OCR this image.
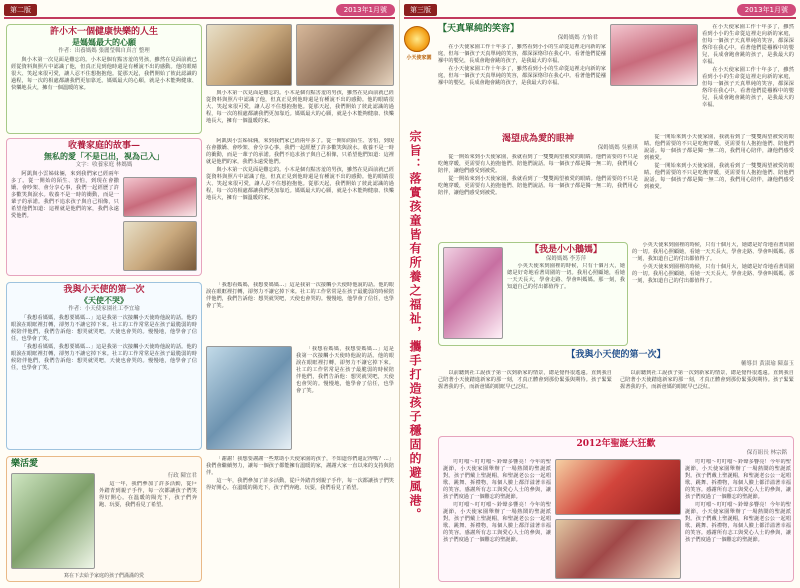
第二版	2013年1月號
許小木一個健康快樂的人生
是媽媽最大的心願
作者：出養媽媽 張麗瑩輯自真言 整理

與小木第一次見面是難忘的。小木是個有點害羞的男孩，雖然在見面前就已經從資料與照片中認識了他，但真正見到他時還是有種說不出的感動。他的眼睛很大、笑起來很可愛，讓人忍不住想抱抱他。從那天起，我們開始了彼此認識的過程，每一次的相處都讓我們更加靠近。媽媽最大的心願，就是小木能夠健康、快樂地長大，擁有一個溫暖的家。

與小木第一次見面是難忘的。小木是個有點害羞的男孩，雖然在見面前就已經從資料與照片中認識了他，但真正見到他時還是有種說不出的感動。他的眼睛很大、笑起來很可愛，讓人忍不住想抱抱他。從那天起，我們開始了彼此認識的過程，每一次的相處都讓我們更加靠近。媽媽最大的心願，就是小木能夠健康、快樂地長大，擁有一個溫暖的家。

收養家庭的故事—
無私的愛「不是已出，視為己入」
文字：收養家庭 林媽媽

阿凱與小雲姊妹倆，來到我們家已經兩年多了。從一開始的陌生、害怕，到現在會撒嬌、會吵架、會分享心事，我們一起經歷了許多歡笑與淚水。收養不是一時的衝動，而是一輩子的承諾。我們不追求孩子與自己相像，只希望他們知道：這裡就是他們的家，我們永遠愛他們。

阿凱與小雲姊妹倆，來到我們家已經兩年多了。從一開始的陌生、害怕，到現在會撒嬌、會吵架、會分享心事，我們一起經歷了許多歡笑與淚水。收養不是一時的衝動，而是一輩子的承諾。我們不追求孩子與自己相像，只希望他們知道：這裡就是他們的家，我們永遠愛他們。

與小木第一次見面是難忘的。小木是個有點害羞的男孩，雖然在見面前就已經從資料與照片中認識了他，但真正見到他時還是有種說不出的感動。他的眼睛很大、笑起來很可愛，讓人忍不住想抱抱他。從那天起，我們開始了彼此認識的過程，每一次的相處都讓我們更加靠近。媽媽最大的心願，就是小木能夠健康、快樂地長大，擁有一個溫暖的家。

我與小天使的第一次
《天使不哭》
作者：小天使家園社工李宜瑜

「我想看媽媽，我想要媽媽…」這是我第一次接觸小天使時他說的話。他的眼淚在眼眶裡打轉，卻努力不讓它掉下來。社工的工作常常是在孩子最脆弱的時候陪伴他們，我們告訴他：想哭就哭吧，天使也會哭的。慢慢地，他學會了信任，也學會了笑。

「我想看媽媽，我想要媽媽…」這是我第一次接觸小天使時他說的話。他的眼淚在眼眶裡打轉，卻努力不讓它掉下來。社工的工作常常是在孩子最脆弱的時候陪伴他們，我們告訴他：想哭就哭吧，天使也會哭的。慢慢地，他學會了信任，也學會了笑。

「我想看媽媽，我想要媽媽…」這是我第一次接觸小天使時他說的話。他的眼淚在眼眶裡打轉，卻努力不讓它掉下來。社工的工作常常是在孩子最脆弱的時候陪伴他們，我們告訴他：想哭就哭吧，天使也會哭的。慢慢地，他學會了信任，也學會了笑。

「我想看媽媽，我想要媽媽…」這是我第一次接觸小天使時他說的話。他的眼淚在眼眶裡打轉，卻努力不讓它掉下來。社工的工作常常是在孩子最脆弱的時候陪伴他們，我們告訴他：想哭就哭吧，天使也會哭的。慢慢地，他學會了信任，也學會了笑。

樂活愛
行政 陳宜君

這一年，我們參加了許多活動，從戶外踏青到親子手作，每一次都讓孩子們笑得好開心。在溫暖的陽光下，孩子們奔跑、玩耍，我們看見了希望。

寫在下去給予家庭的孩子們滿滿的愛

「謝謝！我想要謝謝一些幫助小天使家園的孩子，不知道你們還記得嗎？…」我們會繼續努力，讓每一個孩子都能擁有溫暖的家，謝謝大家一直以來的支持與陪伴。

這一年，我們參加了許多活動，從戶外踏青到親子手作，每一次都讓孩子們笑得好開心。在溫暖的陽光下，孩子們奔跑、玩耍，我們看見了希望。

第三版	2013年1月號
小天使家園
宗旨：落實孩童皆有所養之福祉，攜手打造孩子穩固的避風港。
【天真單純的笑容】
保姆媽媽 方怡君

在小天使家園工作十年多了，雖然看到小小的生命從這裡走向新的家庭，但每一個孩子天真單純的笑容，都深深烙印在我心中。看著他們從襁褓中的嬰兒，長成會跑會跳的孩子，是我最大的幸福。

在小天使家園工作十年多了，雖然看到小小的生命從這裡走向新的家庭，但每一個孩子天真單純的笑容，都深深烙印在我心中。看著他們從襁褓中的嬰兒，長成會跑會跳的孩子，是我最大的幸福。

在小天使家園工作十年多了，雖然看到小小的生命從這裡走向新的家庭，但每一個孩子天真單純的笑容，都深深烙印在我心中。看著他們從襁褓中的嬰兒，長成會跑會跳的孩子，是我最大的幸福。

在小天使家園工作十年多了，雖然看到小小的生命從這裡走向新的家庭，但每一個孩子天真單純的笑容，都深深烙印在我心中。看著他們從襁褓中的嬰兒，長成會跑會跳的孩子，是我最大的幸福。

渴望成為愛的眼神
保姆媽媽 吳雅琪

從一開始來到小天使家園，我就看到了一雙雙渴望被愛的眼睛。他們需要的不只是吃飽穿暖，更需要有人抱抱他們、陪他們說話。每一個孩子都是獨一無二的，我們用心陪伴，讓他們感受到被愛。

從一開始來到小天使家園，我就看到了一雙雙渴望被愛的眼睛。他們需要的不只是吃飽穿暖，更需要有人抱抱他們、陪他們說話。每一個孩子都是獨一無二的，我們用心陪伴，讓他們感受到被愛。

從一開始來到小天使家園，我就看到了一雙雙渴望被愛的眼睛。他們需要的不只是吃飽穿暖，更需要有人抱抱他們、陪他們說話。每一個孩子都是獨一無二的，我們用心陪伴，讓他們感受到被愛。

從一開始來到小天使家園，我就看到了一雙雙渴望被愛的眼睛。他們需要的不只是吃飽穿暖，更需要有人抱抱他們、陪他們說話。每一個孩子都是獨一無二的，我們用心陪伴，讓他們感受到被愛。

【我是小小鵝媽】
保姆媽媽 李芳萍

小英天使來到園裡的時候，只有十個月大，她總是好奇地看著周圍的一切。我用心照顧她，看她一天天長大，學會走路、學會叫媽媽。那一刻，我知道自己的付出都值得了。

小英天使來到園裡的時候，只有十個月大，她總是好奇地看著周圍的一切。我用心照顧她，看她一天天長大，學會走路、學會叫媽媽。那一刻，我知道自己的付出都值得了。

小英天使來到園裡的時候，只有十個月大，她總是好奇地看著周圍的一切。我用心照顧她，看她一天天長大，學會走路、學會叫媽媽。那一刻，我知道自己的付出都值得了。

【我與小天使的第一次】
輔導員 黃淑瑜 陳嘉玉

以前聽到社工說孩子第一次到新家的情景，總是覺得很遙遠。直到我自己陪著小天使踏進新家的那一刻，才真正體會到那份緊張與期待。孩子緊緊握著我的手，而新爸媽的眼眶早已泛紅。

以前聽到社工說孩子第一次到新家的情景，總是覺得很遙遠。直到我自己陪著小天使踏進新家的那一刻，才真正體會到那份緊張與期待。孩子緊緊握著我的手，而新爸媽的眼眶早已泛紅。

2012年聖誕大狂歡
保育組長 林宗銘

叮叮噹～叮叮噹～鈴聲多響亮！今年的聖誕節，小天使家園舉辦了一場熱鬧的聖誕派對。孩子們戴上聖誕帽，和聖誕老公公一起唱歌、跳舞、拆禮物，每個人臉上都洋溢著幸福的笑容。感謝所有志工與愛心人士的參與，讓孩子們度過了一個難忘的聖誕節。

叮叮噹～叮叮噹～鈴聲多響亮！今年的聖誕節，小天使家園舉辦了一場熱鬧的聖誕派對。孩子們戴上聖誕帽，和聖誕老公公一起唱歌、跳舞、拆禮物，每個人臉上都洋溢著幸福的笑容。感謝所有志工與愛心人士的參與，讓孩子們度過了一個難忘的聖誕節。

叮叮噹～叮叮噹～鈴聲多響亮！今年的聖誕節，小天使家園舉辦了一場熱鬧的聖誕派對。孩子們戴上聖誕帽，和聖誕老公公一起唱歌、跳舞、拆禮物，每個人臉上都洋溢著幸福的笑容。感謝所有志工與愛心人士的參與，讓孩子們度過了一個難忘的聖誕節。

叮叮噹～叮叮噹～鈴聲多響亮！今年的聖誕節，小天使家園舉辦了一場熱鬧的聖誕派對。孩子們戴上聖誕帽，和聖誕老公公一起唱歌、跳舞、拆禮物，每個人臉上都洋溢著幸福的笑容。感謝所有志工與愛心人士的參與，讓孩子們度過了一個難忘的聖誕節。
